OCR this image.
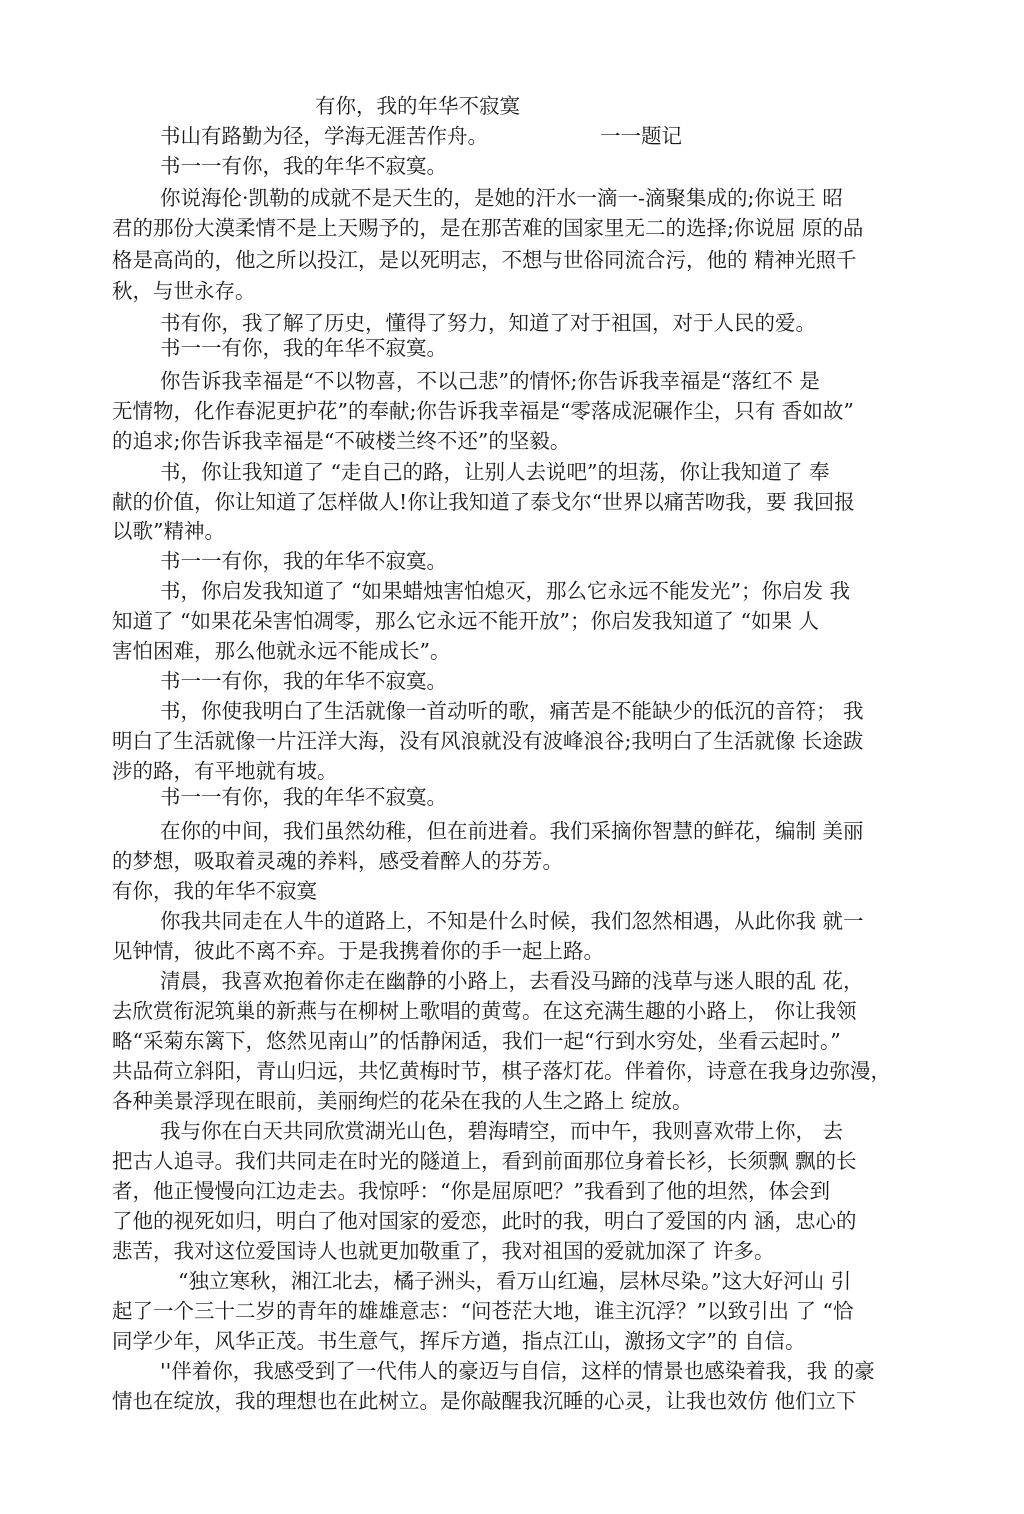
有你，我的年华不寂寞

书山有路勤为径，学海无涯苦作舟。	一一题记

书一一有你，我的年华不寂寞。

你说海伦·凯勒的成就不是天生的，是她的汗水一滴一-滴聚集成的;你说王 昭

君的那份大漠柔情不是上天赐予的，是在那苦难的国家里无二的选择;你说屈 原的品

格是高尚的，他之所以投江，是以死明志，不想与世俗同流合污，他的 精神光照千

秋，与世永存。

书有你，我了解了历史，懂得了努力，知道了对于祖国，对于人民的爱。

书一一有你，我的年华不寂寞。

你告诉我幸福是“不以物喜，不以己悲”的情怀;你告诉我幸福是“落红不 是

无情物，化作春泥更护花”的奉献;你告诉我幸福是“零落成泥碾作尘，只有 香如故”

的追求;你告诉我幸福是“不破楼兰终不还”的坚毅。

书，你让我知道了 “走自己的路，让别人去说吧”的坦荡，你让我知道了 奉

献的价值，你让知道了怎样做人!你让我知道了泰戈尔“世界以痛苦吻我，要 我回报

以歌”精神。

书一一有你，我的年华不寂寞。

书，你启发我知道了 “如果蜡烛害怕熄灭，那么它永远不能发光”；你启发 我

知道了 “如果花朵害怕凋零，那么它永远不能开放”；你启发我知道了 “如果 人

害怕困难，那么他就永远不能成长”。

书一一有你，我的年华不寂寞。

书，你使我明白了生活就像一首动听的歌，痛苦是不能缺少的低沉的音符； 我

明白了生活就像一片汪洋大海，没有风浪就没有波峰浪谷;我明白了生活就像 长途跋

涉的路，有平地就有坡。

书一一有你，我的年华不寂寞。

在你的中间，我们虽然幼稚，但在前进着。我们采摘你智慧的鲜花，编制 美丽

的梦想，吸取着灵魂的养料，感受着醉人的芬芳。

有你，我的年华不寂寞

你我共同走在人牛的道路上，不知是什么时候，我们忽然相遇，从此你我 就一

见钟情，彼此不离不弃。于是我携着你的手一起上路。

清晨，我喜欢抱着你走在幽静的小路上，去看没马蹄的浅草与迷人眼的乱 花，

去欣赏衔泥筑巢的新燕与在柳树上歌唱的黄莺。在这充满生趣的小路上， 你让我领

略“采菊东篱下，悠然见南山”的恬静闲适，我们一起“行到水穷处，坐看云起时。”

共品荷立斜阳，青山归远，共忆黄梅时节，棋子落灯花。伴着你，诗意在我身边弥漫，

各种美景浮现在眼前，美丽绚烂的花朵在我的人生之路上 绽放。

我与你在白天共同欣赏湖光山色，碧海晴空，而中午，我则喜欢带上你， 去

把古人追寻。我们共同走在时光的隧道上，看到前面那位身着长衫，长须飘 飘的长

者，他正慢慢向江边走去。我惊呼：“你是屈原吧？”我看到了他的坦然，体会到

了他的视死如归，明白了他对国家的爱恋，此时的我，明白了爱国的内 涵，忠心的

悲苦，我对这位爱国诗人也就更加敬重了，我对祖国的爱就加深了 许多。

“独立寒秋，湘江北去，橘子洲头，看万山红遍，层林尽染。”这大好河山 引

起了一个三十二岁的青年的雄雄意志：“问苍茫大地，谁主沉浮？”以致引出 了 “恰

同学少年，风华正茂。书生意气，挥斥方遒，指点江山，激扬文字”的 自信。

''伴着你，我感受到了一代伟人的豪迈与自信，这样的情景也感染着我，我 的豪

情也在绽放，我的理想也在此树立。是你敲醒我沉睡的心灵，让我也效仿 他们立下
